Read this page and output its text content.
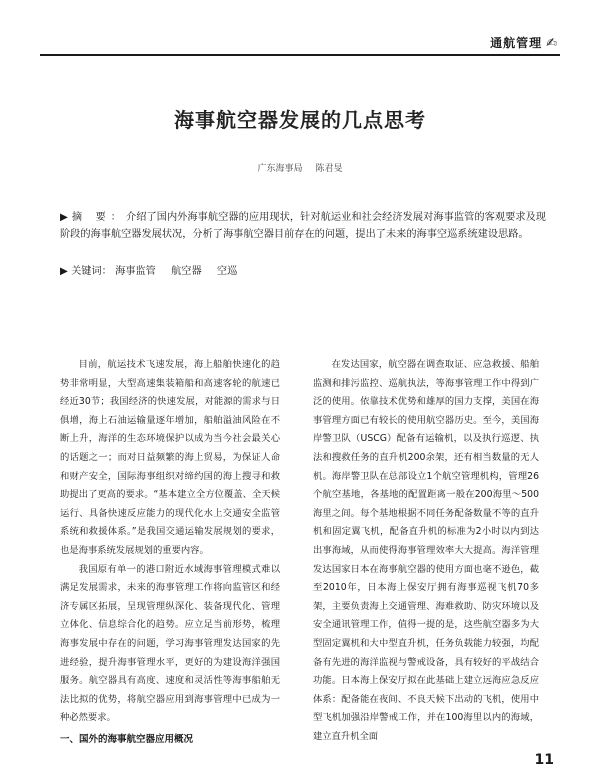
通航管理 ✍
海事航空器发展的几点思考
广东海事局 陈君旻
▶ 摘 要：介绍了国内外海事航空器的应用现状，针对航运业和社会经济发展对海事监管的客观要求及现阶段的海事航空器发展状况，分析了海事航空器目前存在的问题，提出了未来的海事空巡系统建设思路。
▶ 关键词： 海事监管 航空器 空巡

目前，航运技术飞速发展，海上船舶快速化的趋势非常明显，大型高速集装箱船和高速客轮的航速已经近30节；我国经济的快速发展，对能源的需求与日俱增，海上石油运输量逐年增加，船舶溢油风险在不断上升，海洋的生态环境保护以成为当今社会最关心的话题之一；而对日益频繁的海上贸易，为保证人命和财产安全，国际海事组织对缔约国的海上搜寻和救助提出了更高的要求。“基本建立全方位覆盖、全天候运行、具备快速反应能力的现代化水上交通安全监管系统和救援体系。”是我国交通运输发展规划的要求，也是海事系统发展规划的重要内容。

我国原有单一的港口附近水域海事管理模式难以满足发展需求，未来的海事管理工作将向监管区和经济专属区拓展，呈现管理纵深化、装备现代化、管理立体化、信息综合化的趋势。应立足当前形势，梳理海事发展中存在的问题，学习海事管理发达国家的先进经验，提升海事管理水平，更好的为建设海洋强国服务。航空器具有高度、速度和灵活性等海事船舶无法比拟的优势，将航空器应用到海事管理中已成为一种必然要求。

一、国外的海事航空器应用概况

在发达国家，航空器在调查取证、应急救援、船舶监测和排污监控、巡航执法，等海事管理工作中得到广泛的使用。依靠技术优势和雄厚的国力支撑，美国在海事管理方面已有较长的使用航空器历史。至今，美国海岸警卫队（USCG）配备有运输机，以及执行巡逻、执法和搜救任务的直升机200余架，还有相当数量的无人机。海岸警卫队在总部设立1个航空管理机构，管理26个航空基地，各基地的配置距离一般在200海里～500海里之间。每个基地根据不同任务配备数量不等的直升机和固定翼飞机，配备直升机的标准为2小时以内到达出事海域，从而使得海事管理效率大大提高。海洋管理发达国家日本在海事航空器的使用方面也毫不逊色，截至2010年，日本海上保安厅拥有海事巡视飞机70多架，主要负责海上交通管理、海难救助、防灾环境以及安全通讯管理工作，值得一提的是，这些航空器多为大型固定翼机和大中型直升机，任务负载能力较强，均配备有先进的海洋监视与警戒设备，具有较好的平战结合功能。日本海上保安厅拟在此基础上建立远海应急反应体系：配备能在夜间、不良天候下出动的飞机，使用中型飞机加强沿岸警戒工作，并在100海里以内的海域，建立直升机全面

11
